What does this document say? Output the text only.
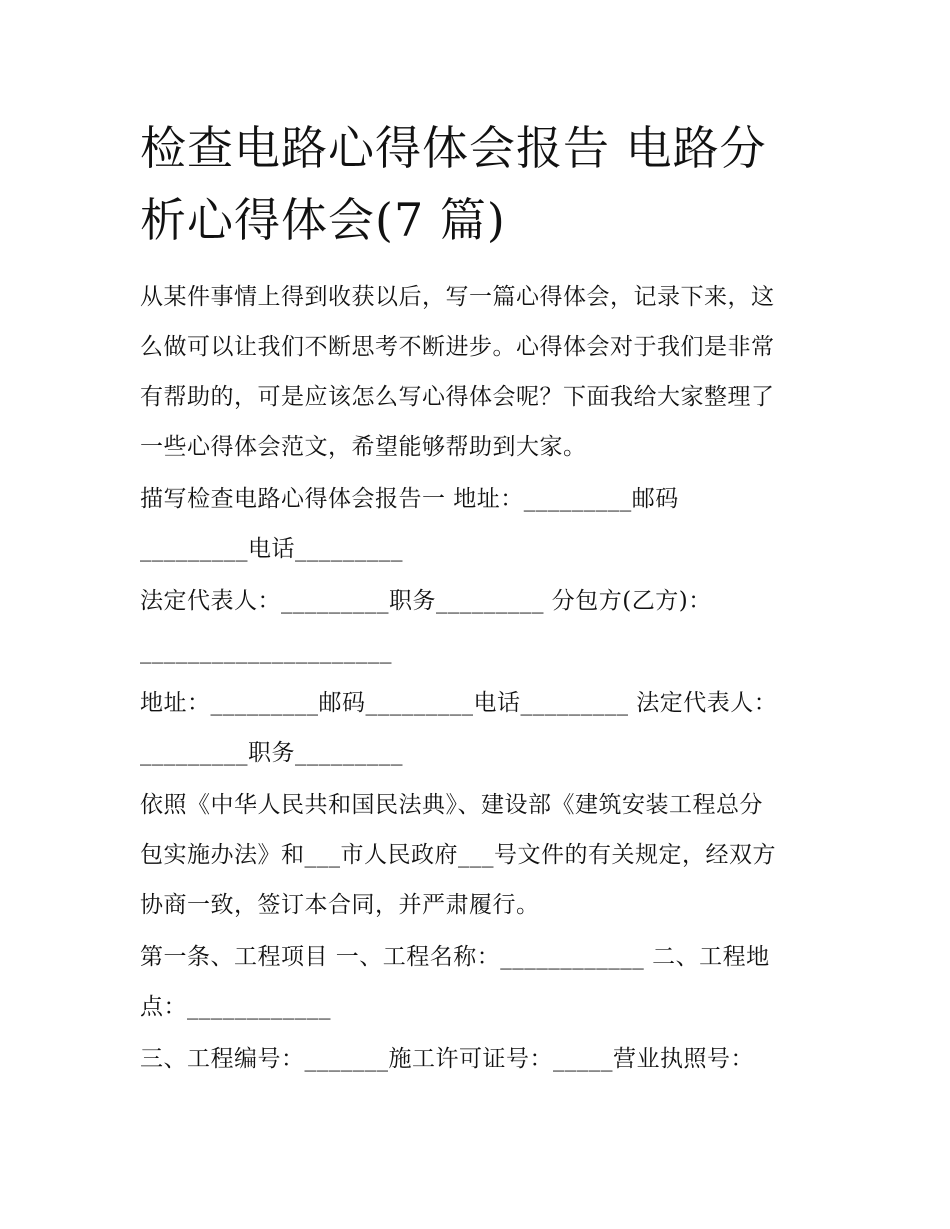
检查电路心得体会报告 电路分
析心得体会(7 篇)
从某件事情上得到收获以后，写一篇心得体会，记录下来，这
么做可以让我们不断思考不断进步。心得体会对于我们是非常
有帮助的，可是应该怎么写心得体会呢？下面我给大家整理了
一些心得体会范文，希望能够帮助到大家。
描写检查电路心得体会报告一 地址：_________邮码
_________电话_________
法定代表人：_________职务_________ 分包方(乙方)：
_____________________
地址：_________邮码_________电话_________ 法定代表人：
_________职务_________
依照《中华人民共和国民法典》、建设部《建筑安装工程总分
包实施办法》和___市人民政府___号文件的有关规定，经双方
协商一致，签订本合同，并严肃履行。
第一条、工程项目 一、工程名称：____________ 二、工程地
点：____________
三、工程编号：_______施工许可证号：_____营业执照号：
